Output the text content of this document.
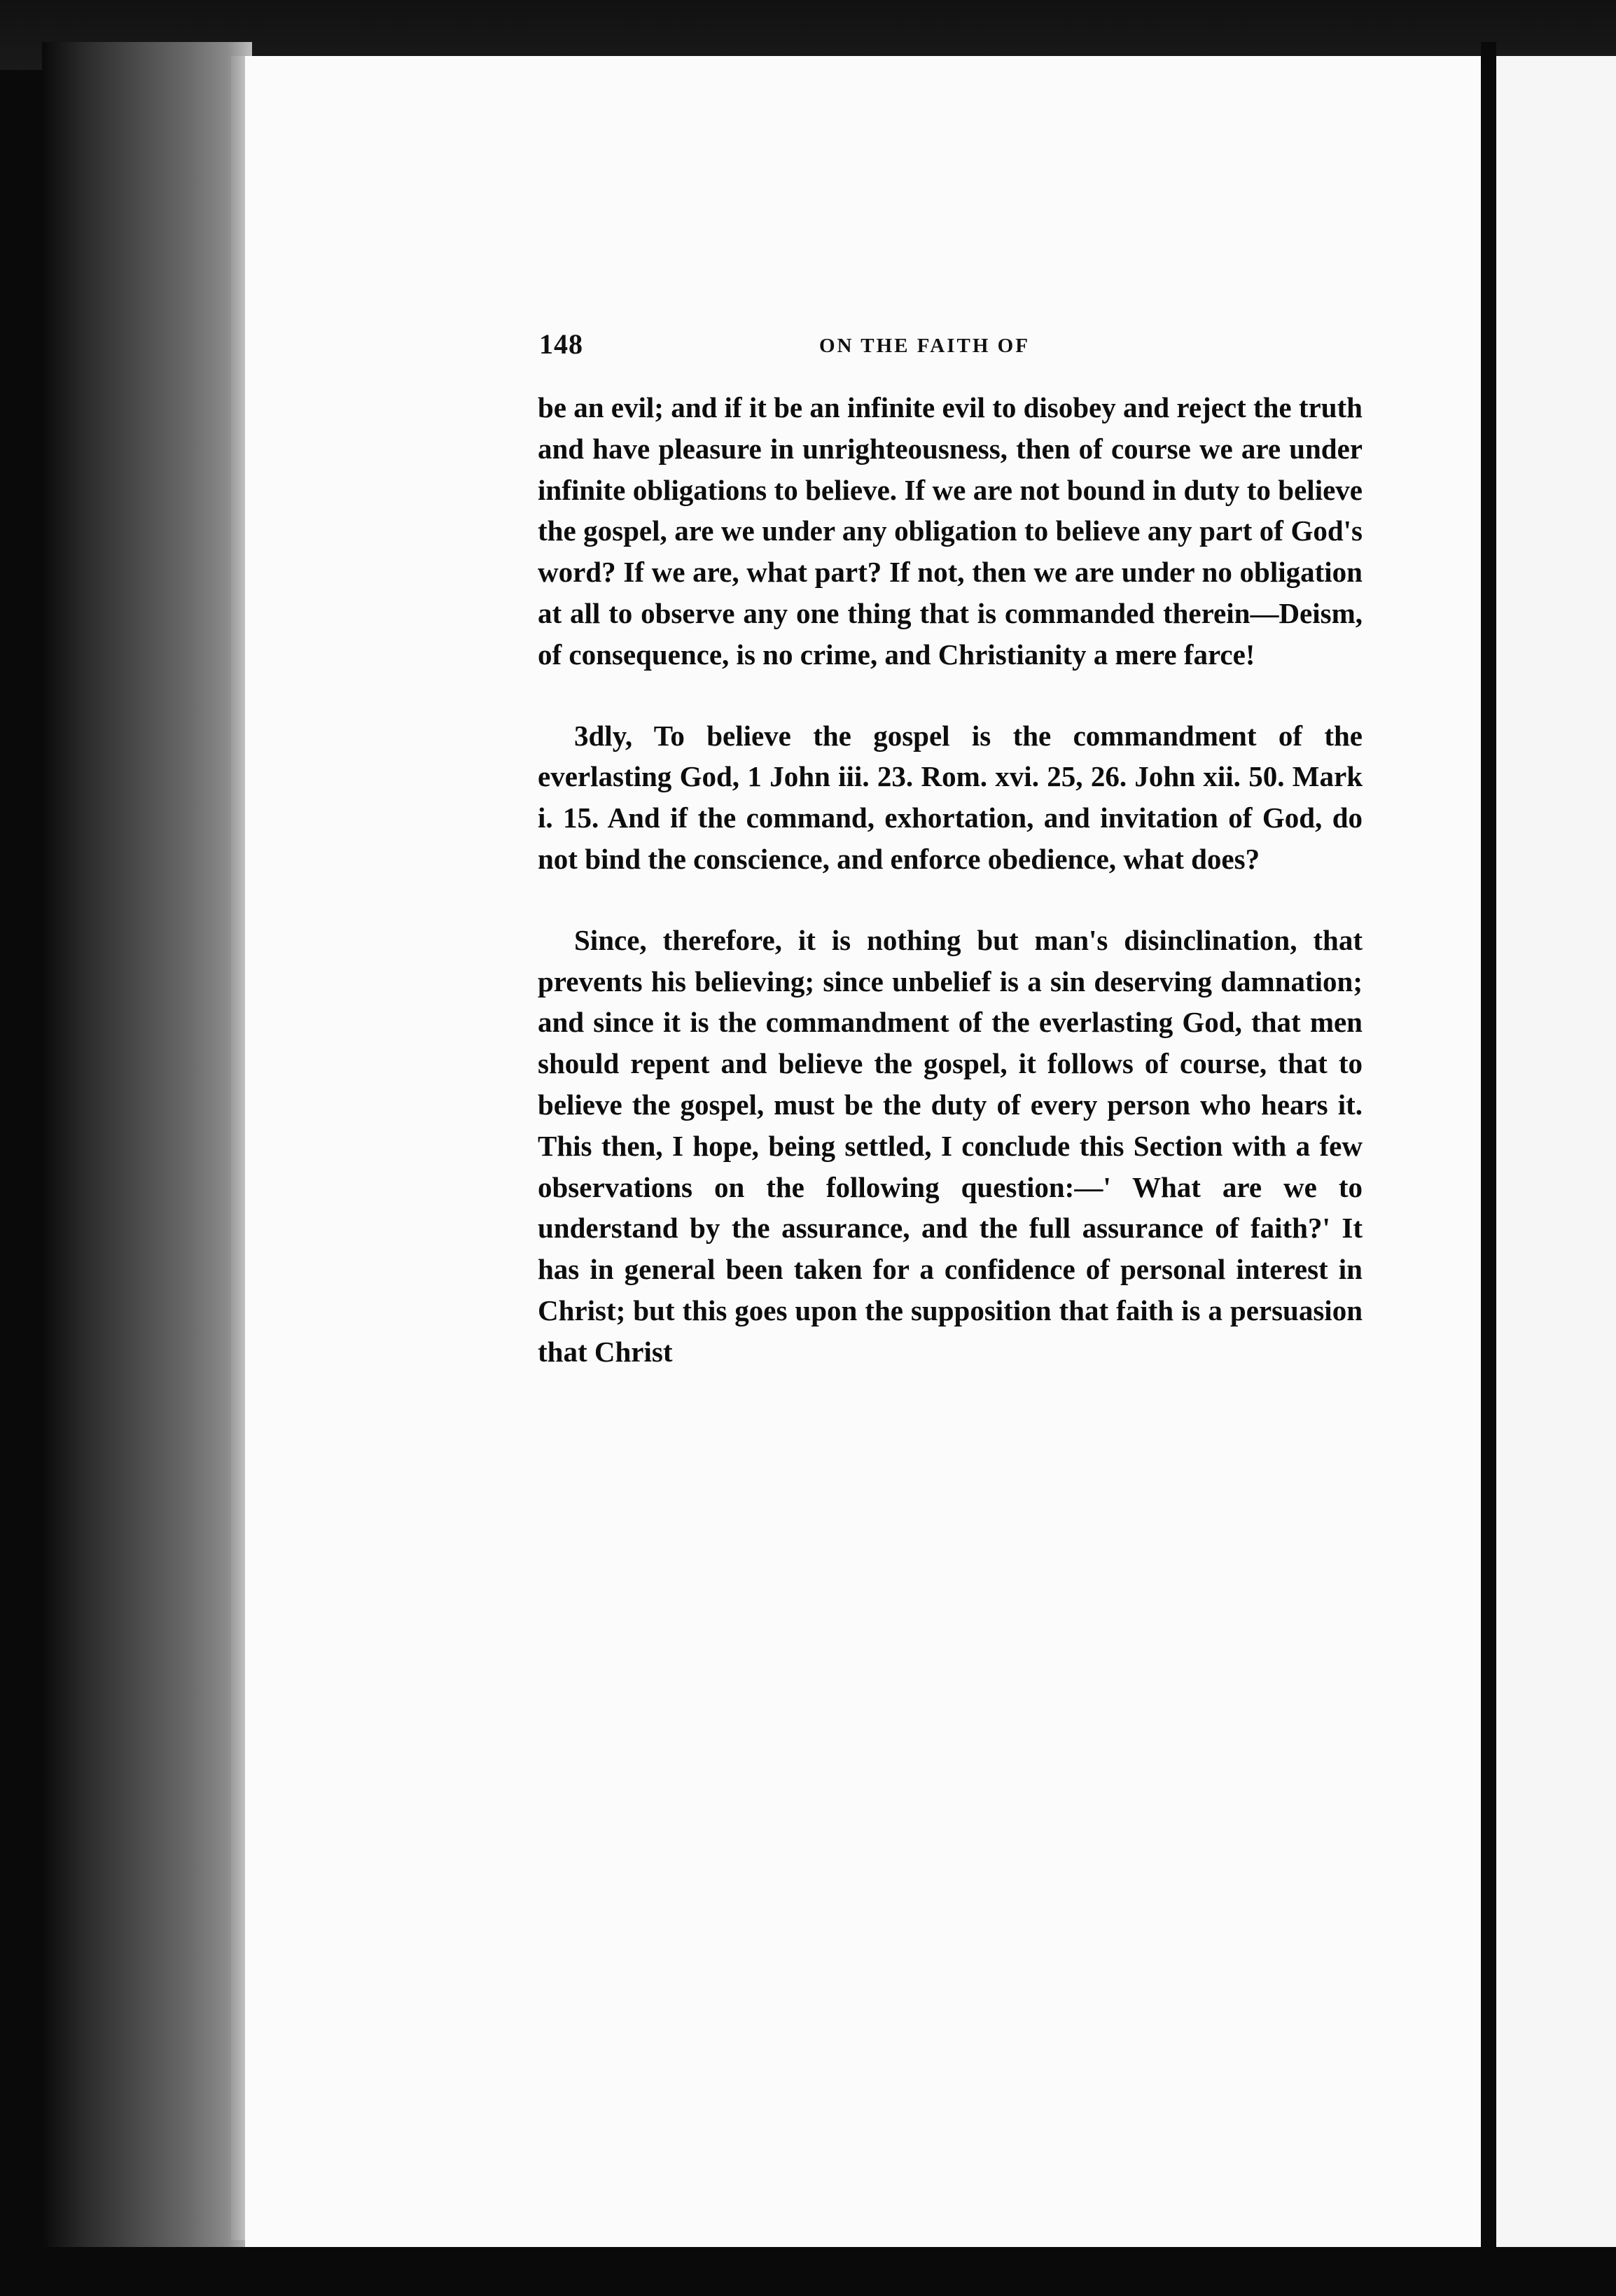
148	ON THE FAITH OF

be an evil; and if it be an infinite evil to disobey and reject the truth and have pleasure in unrighteousness, then of course we are under infinite obligations to believe. If we are not bound in duty to believe the gospel, are we under any obligation to believe any part of God's word? If we are, what part? If not, then we are under no obligation at all to observe any one thing that is commanded therein—Deism, of consequence, is no crime, and Christianity a mere farce!

3dly, To believe the gospel is the commandment of the everlasting God, 1 John iii. 23. Rom. xvi. 25, 26. John xii. 50. Mark i. 15. And if the command, exhortation, and invitation of God, do not bind the conscience, and enforce obedience, what does?

Since, therefore, it is nothing but man's disinclination, that prevents his believing; since unbelief is a sin deserving damnation; and since it is the commandment of the everlasting God, that men should repent and believe the gospel, it follows of course, that to believe the gospel, must be the duty of every person who hears it. This then, I hope, being settled, I conclude this Section with a few observations on the following question:—' What are we to understand by the assurance, and the full assurance of faith?' It has in general been taken for a confidence of personal interest in Christ; but this goes upon the supposition that faith is a persuasion that Christ
